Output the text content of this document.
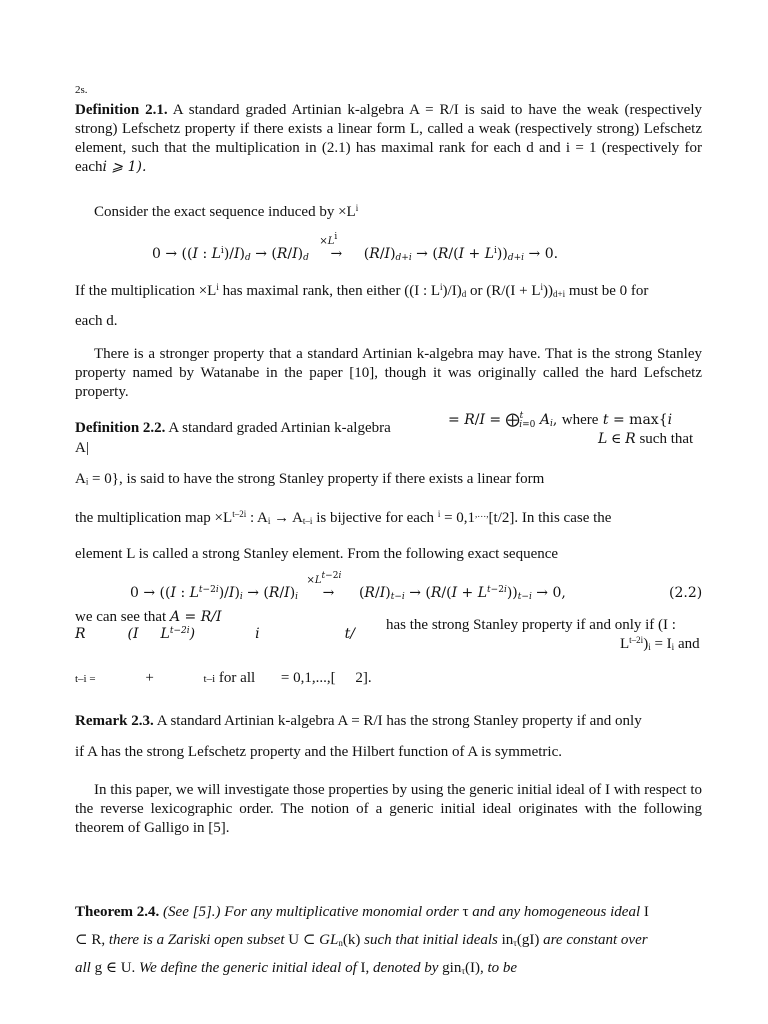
2s.
Definition 2.1. A standard graded Artinian k-algebra A = R/I is said to have the weak (respectively strong) Lefschetz property if there exists a linear form L, called a weak (respectively strong) Lefschetz element, such that the multiplication in (2.1) has maximal rank for each d and i = 1 (respectively for eachi ⩾ 1).
Consider the exact sequence induced by $\times L^i$
0 → ((I : $L^i)/I)_d \to (R/I)_d$
$\times L^i$
→ $(R/I)_{d+i} \to (R/(I + L^i))_{d+i} \to 0$.
If the multiplication $\times L^i$ has maximal rank, then either ((I : $L^i)/I)_d$ or $(R/(I + L^i))_{d+i}$ must be 0 for
each d.
There is a stronger property that a standard Artinian k-algebra may have. That is the strong Stanley property named by Watanabe in the paper [10], though it was originally called the hard Lefschetz property.
Definition 2.2. A standard graded Artinian k-algebra
A|
= R/I = ⨁$^t_{i=0}$ $A_i$, where t = max{i
L ∈ R such that
Aᵢ = 0}, is said to have the strong Stanley property if there exists a linear form
the multiplication map $\times L^{t-2i}$ : $A_i \to A_{t-i}$ is bijective for each $^i$ = 0,1,…,[t/2]. In this case the
element L is called a strong Stanley element. From the following exact sequence
0 → ((I : $L^{t-2i})/I)_i \to (R/I)_i$
$\times L^{t-2i}$
→ $(R/I)_{t-i} \to (R/(I + L^{t-2i}))_{t-i} \to 0$,	(2.2)
we can see that A = R/I
R	(I $L^{t-2i}$)	i	t/
has the strong Stanley property if and only if (I :
$L^{t-2i})_i = I_i$ and
t–i =	+	t–i for all = 0,1,...,[ 2].
Remark 2.3. A standard Artinian k-algebra A = R/I has the strong Stanley property if and only
if A has the strong Lefschetz property and the Hilbert function of A is symmetric.
In this paper, we will investigate those properties by using the generic initial ideal of I with respect to the reverse lexicographic order. The notion of a generic initial ideal originates with the following theorem of Galligo in [5].
Theorem 2.4. (See [5].) For any multiplicative monomial order τ and any homogeneous ideal I
⊂ R, there is a Zariski open subset U ⊂ $GL_n(k)$ such that initial ideals $in_\tau(gI)$ are constant over
all g ∈ U. We define the generic initial ideal of I, denoted by gin$_\tau$(I), to be
